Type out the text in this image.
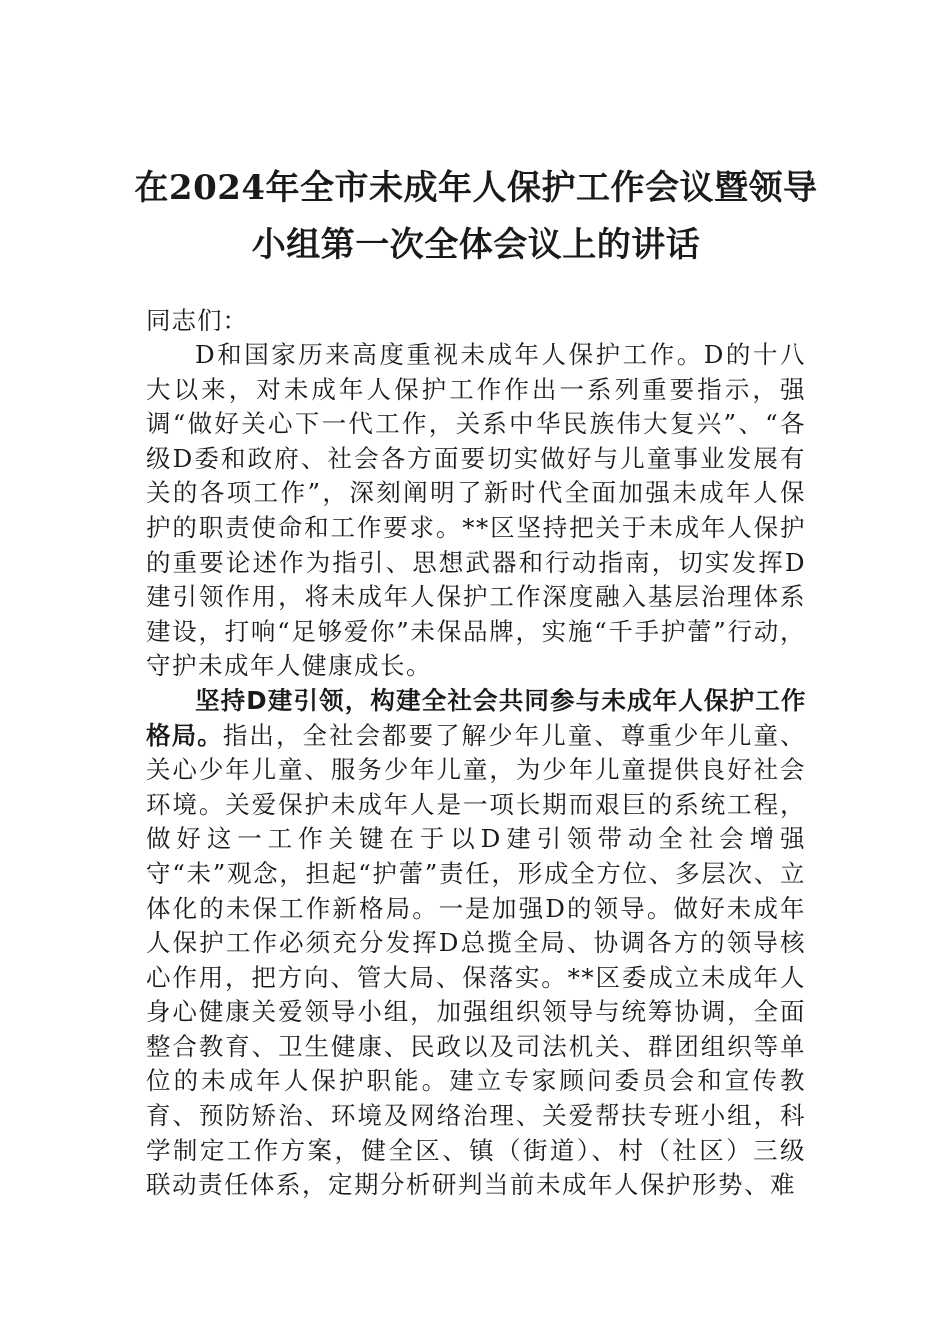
在2024年全市未成年人保护工作会议暨领导小组第一次全体会议上的讲话
同志们：

D和国家历来高度重视未成年人保护工作。D的十八大以来，对未成年人保护工作作出一系列重要指示，强调“做好关心下一代工作，关系中华民族伟大复兴”、“各级D委和政府、社会各方面要切实做好与儿童事业发展有关的各项工作”，深刻阐明了新时代全面加强未成年人保护的职责使命和工作要求。**区坚持把关于未成年人保护的重要论述作为指引、思想武器和行动指南，切实发挥D建引领作用，将未成年人保护工作深度融入基层治理体系建设，打响“足够爱你”未保品牌，实施“千手护蕾”行动，守护未成年人健康成长。

坚持D建引领，构建全社会共同参与未成年人保护工作格局。指出，全社会都要了解少年儿童、尊重少年儿童、关心少年儿童、服务少年儿童，为少年儿童提供良好社会环境。关爱保护未成年人是一项长期而艰巨的系统工程，做好这一工作关键在于以D建引领带动全社会增强守“未”观念，担起“护蕾”责任，形成全方位、多层次、立体化的未保工作新格局。一是加强D的领导。做好未成年人保护工作必须充分发挥D总揽全局、协调各方的领导核心作用，把方向、管大局、保落实。**区委成立未成年人身心健康关爱领导小组，加强组织领导与统筹协调，全面整合教育、卫生健康、民政以及司法机关、群团组织等单位的未成年人保护职能。建立专家顾问委员会和宣传教育、预防矫治、环境及网络治理、关爱帮扶专班小组，科学制定工作方案，健全区、镇（街道）、村（社区）三级联动责任体系，定期分析研判当前未成年人保护形势、难
